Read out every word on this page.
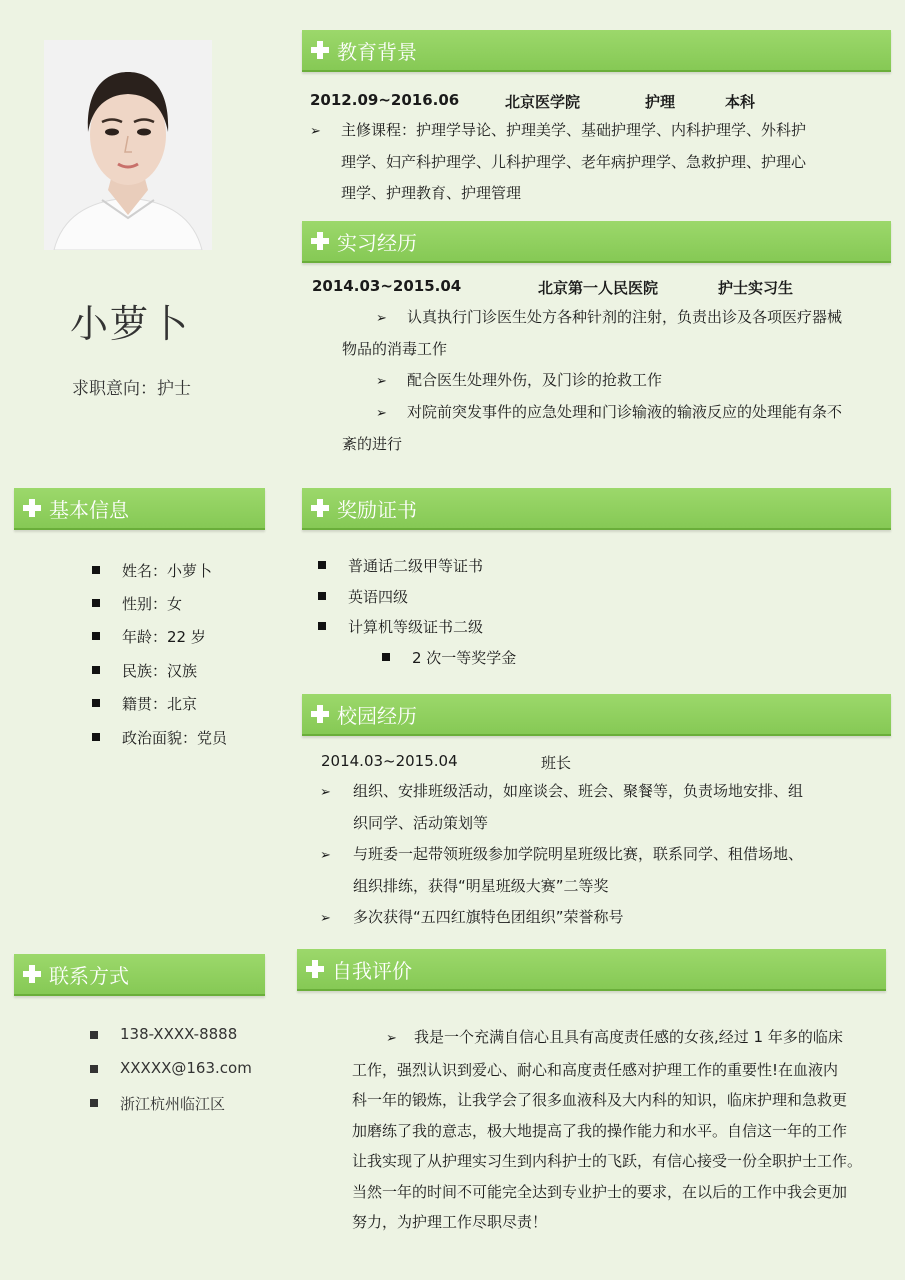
小萝卜
求职意向：护士
基本信息
姓名：小萝卜
性别：女
年龄：22 岁
民族：汉族
籍贯：北京
政治面貌：党员
联系方式
138-XXXX-8888
XXXXX@163.com
浙江杭州临江区
教育背景
2012.09~2016.06	北京医学院	护理	本科
➢ 主修课程：护理学导论、护理美学、基础护理学、内科护理学、外科护
理学、妇产科护理学、儿科护理学、老年病护理学、急救护理、护理心
理学、护理教育、护理管理
实习经历
2014.03~2015.04	北京第一人民医院	护士实习生
➢ 认真执行门诊医生处方各种针剂的注射，负责出诊及各项医疗器械
物品的消毒工作
➢ 配合医生处理外伤，及门诊的抢救工作
➢ 对院前突发事件的应急处理和门诊输液的输液反应的处理能有条不
紊的进行
奖励证书
普通话二级甲等证书
英语四级
计算机等级证书二级
2 次一等奖学金
校园经历
2014.03~2015.04	班长
➢ 组织、安排班级活动，如座谈会、班会、聚餐等，负责场地安排、组
织同学、活动策划等
➢ 与班委一起带领班级参加学院明星班级比赛，联系同学、租借场地、
组织排练，获得“明星班级大赛”二等奖
➢ 多次获得“五四红旗特色团组织”荣誉称号
自我评价
➢ 我是一个充满自信心且具有高度责任感的女孩,经过 1 年多的临床
工作，强烈认识到爱心、耐心和高度责任感对护理工作的重要性!在血液内
科一年的锻炼，让我学会了很多血液科及大内科的知识，临床护理和急救更
加磨练了我的意志，极大地提高了我的操作能力和水平。自信这一年的工作
让我实现了从护理实习生到内科护士的飞跃，有信心接受一份全职护士工作。
当然一年的时间不可能完全达到专业护士的要求，在以后的工作中我会更加
努力，为护理工作尽职尽责！
